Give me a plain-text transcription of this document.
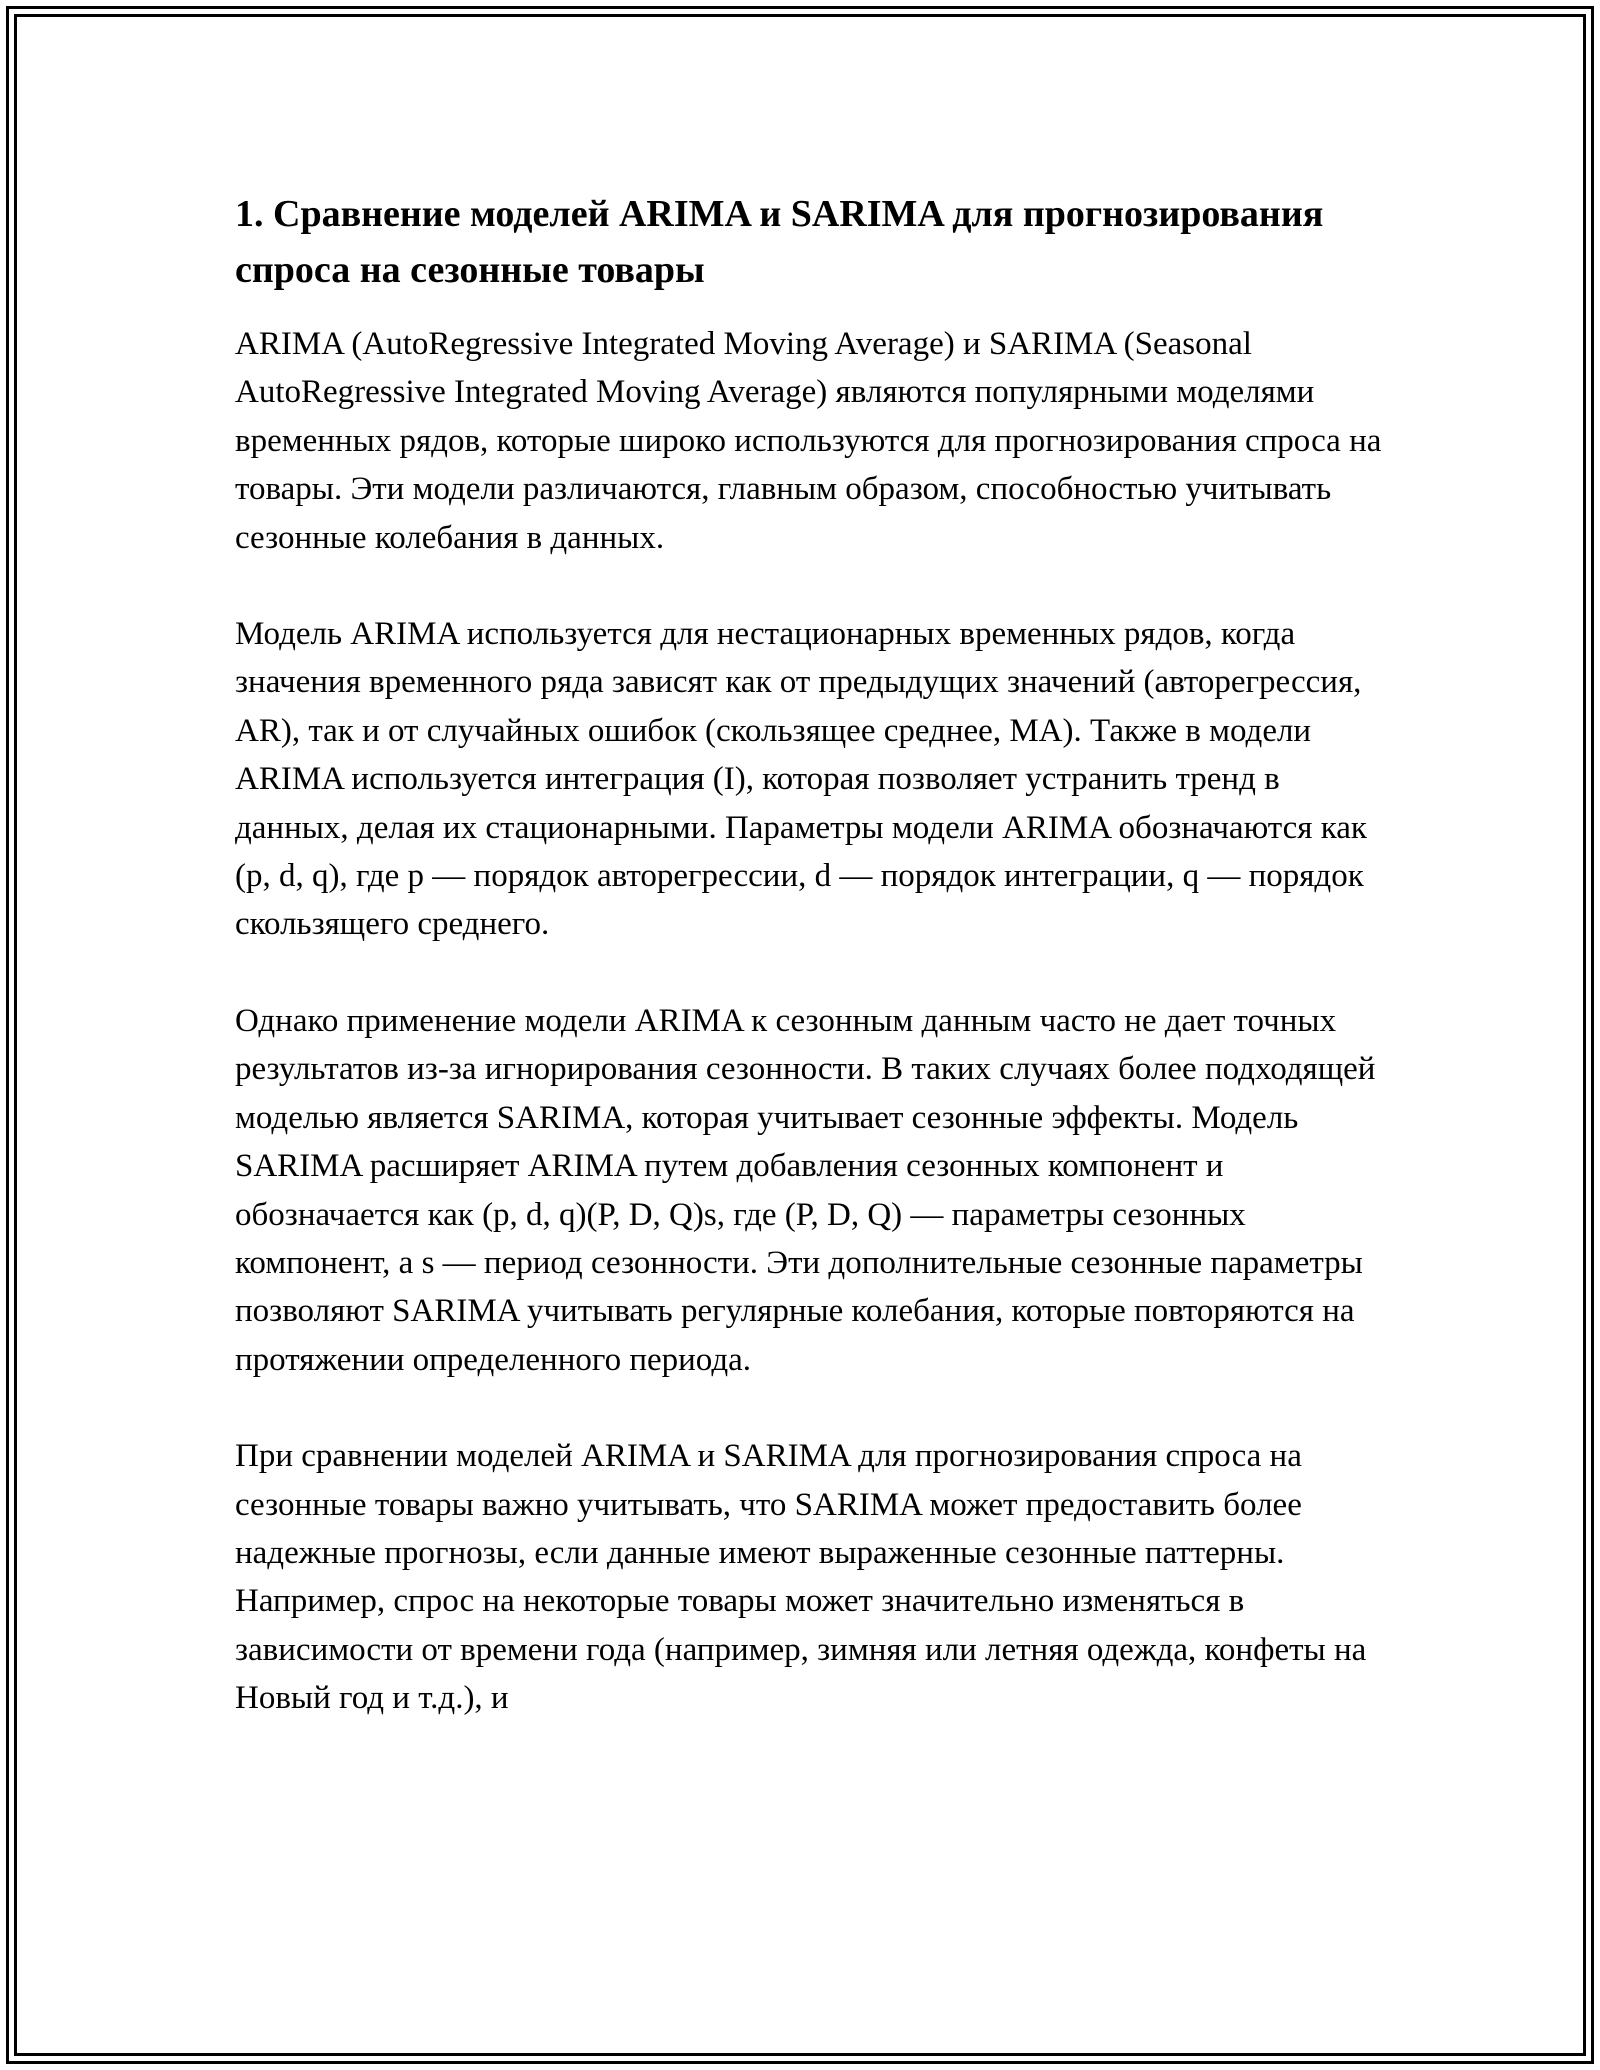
1. Сравнение моделей ARIMA и SARIMA для прогнозирования спроса на сезонные товары

ARIMA (AutoRegressive Integrated Moving Average) и SARIMA (Seasonal AutoRegressive Integrated Moving Average) являются популярными моделями временных рядов, которые широко используются для прогнозирования спроса на товары. Эти модели различаются, главным образом, способностью учитывать сезонные колебания в данных.

Модель ARIMA используется для нестационарных временных рядов, когда значения временного ряда зависят как от предыдущих значений (авторегрессия, AR), так и от случайных ошибок (скользящее среднее, MA). Также в модели ARIMA используется интеграция (I), которая позволяет устранить тренд в данных, делая их стационарными. Параметры модели ARIMA обозначаются как (p, d, q), где p — порядок авторегрессии, d — порядок интеграции, q — порядок скользящего среднего.

Однако применение модели ARIMA к сезонным данным часто не дает точных результатов из-за игнорирования сезонности. В таких случаях более подходящей моделью является SARIMA, которая учитывает сезонные эффекты. Модель SARIMA расширяет ARIMA путем добавления сезонных компонент и обозначается как (p, d, q)(P, D, Q)s, где (P, D, Q) — параметры сезонных компонент, а s — период сезонности. Эти дополнительные сезонные параметры позволяют SARIMA учитывать регулярные колебания, которые повторяются на протяжении определенного периода.

При сравнении моделей ARIMA и SARIMA для прогнозирования спроса на сезонные товары важно учитывать, что SARIMA может предоставить более надежные прогнозы, если данные имеют выраженные сезонные паттерны. Например, спрос на некоторые товары может значительно изменяться в зависимости от времени года (например, зимняя или летняя одежда, конфеты на Новый год и т.д.), и
